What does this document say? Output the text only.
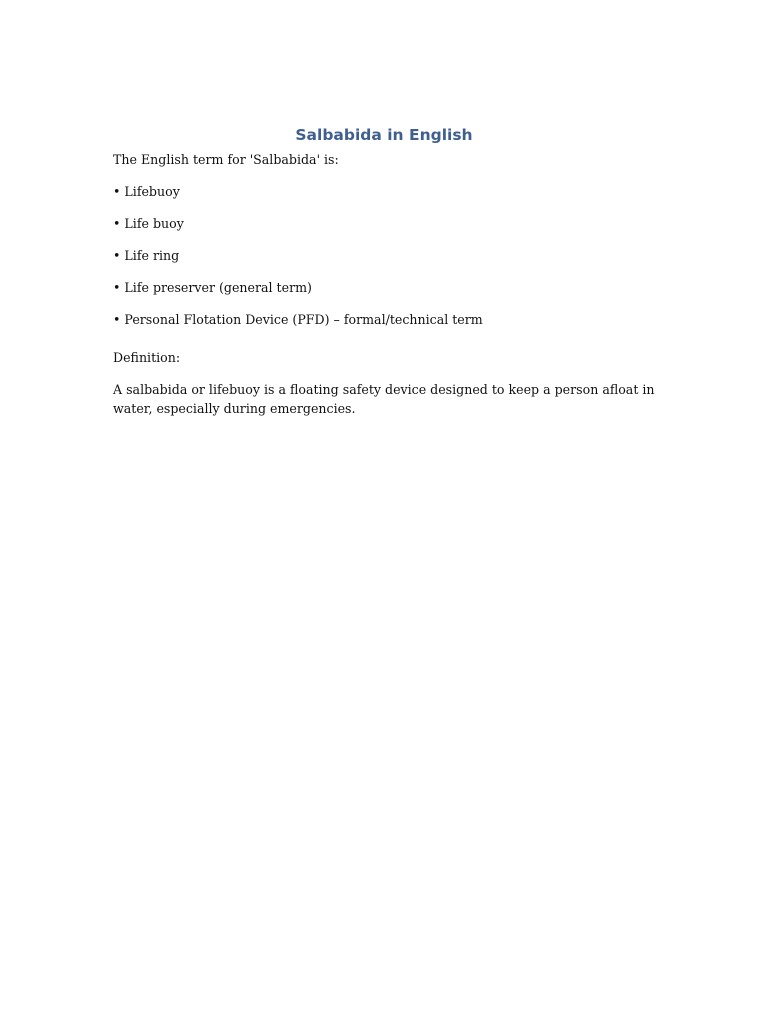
Salbabida in English

The English term for 'Salbabida' is:

• Lifebuoy

• Life buoy

• Life ring

• Life preserver (general term)

• Personal Flotation Device (PFD) – formal/technical term

Definition:

A salbabida or lifebuoy is a floating safety device designed to keep a person afloat in water, especially during emergencies.
